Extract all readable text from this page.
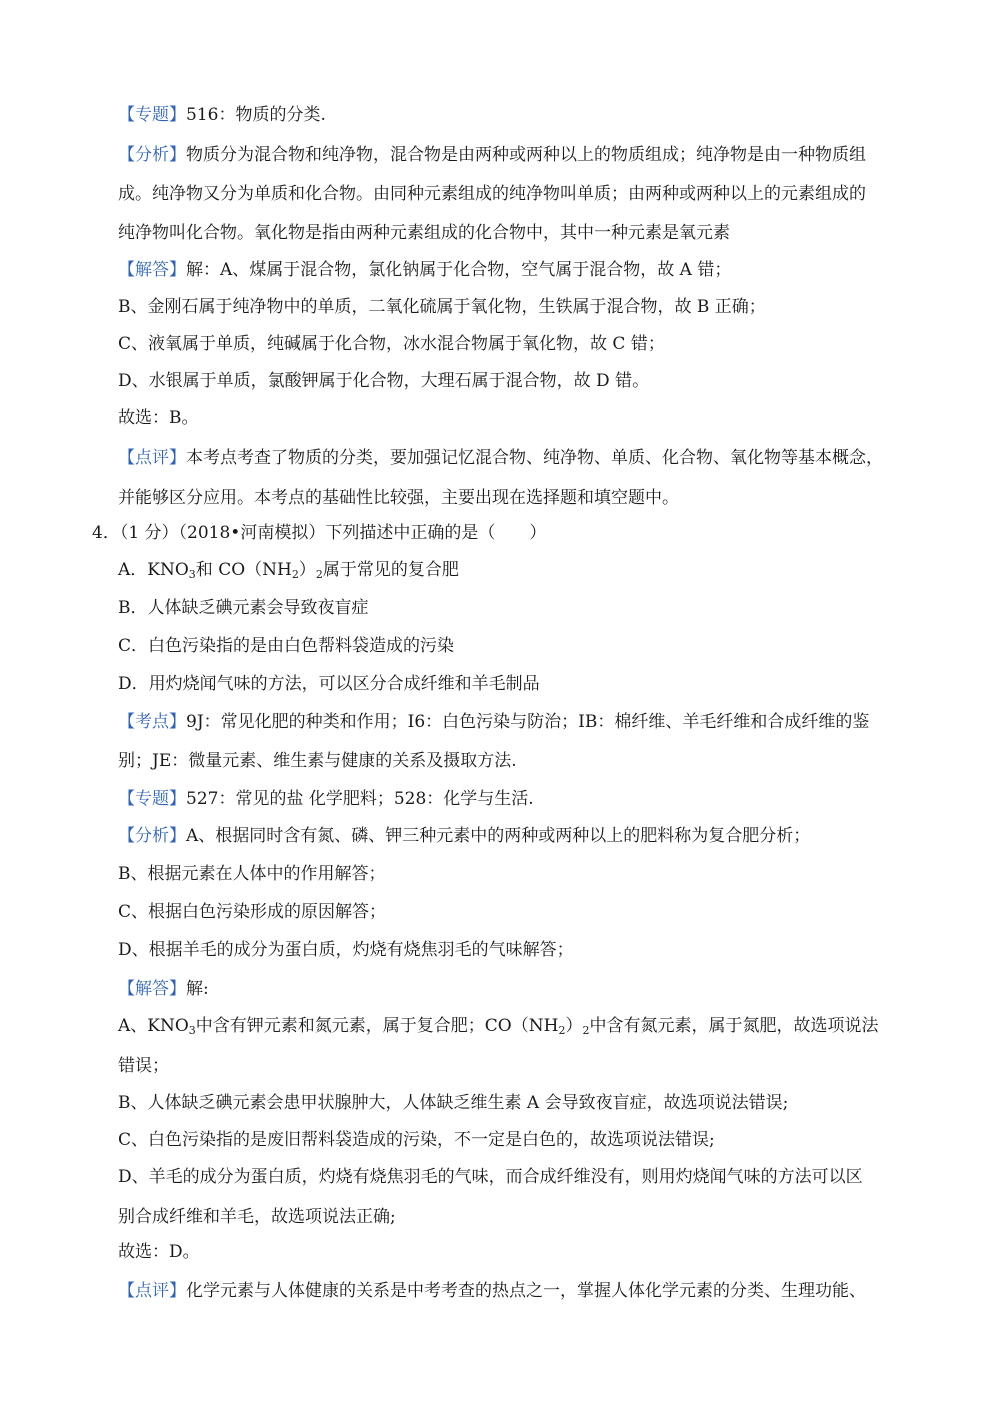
【专题】516：物质的分类.
【分析】物质分为混合物和纯净物，混合物是由两种或两种以上的物质组成；纯净物是由一种物质组
成。纯净物又分为单质和化合物。由同种元素组成的纯净物叫单质；由两种或两种以上的元素组成的
纯净物叫化合物。氧化物是指由两种元素组成的化合物中，其中一种元素是氧元素
【解答】解：A、煤属于混合物，氯化钠属于化合物，空气属于混合物，故 A 错；
B、金刚石属于纯净物中的单质，二氧化硫属于氧化物，生铁属于混合物，故 B 正确；
C、液氧属于单质，纯碱属于化合物，冰水混合物属于氧化物，故 C 错；
D、水银属于单质，氯酸钾属于化合物，大理石属于混合物，故 D 错。
故选：B。
【点评】本考点考查了物质的分类，要加强记忆混合物、纯净物、单质、化合物、氧化物等基本概念，
并能够区分应用。本考点的基础性比较强，主要出现在选择题和填空题中。
4．（1 分）（2018•河南模拟）下列描述中正确的是（　　）
A．$KNO_3$和 $CO(NH_2)_2$属于常见的复合肥
B．人体缺乏碘元素会导致夜盲症
C．白色污染指的是由白色帮料袋造成的污染
D．用灼烧闻气味的方法，可以区分合成纤维和羊毛制品
【考点】9J：常见化肥的种类和作用；I6：白色污染与防治；IB：棉纤维、羊毛纤维和合成纤维的鉴
别；JE：微量元素、维生素与健康的关系及摄取方法.
【专题】527：常见的盐 化学肥料；528：化学与生活.
【分析】A、根据同时含有氮、磷、钾三种元素中的两种或两种以上的肥料称为复合肥分析；
B、根据元素在人体中的作用解答；
C、根据白色污染形成的原因解答；
D、根据羊毛的成分为蛋白质，灼烧有烧焦羽毛的气味解答；
【解答】解:
A、$KNO_3$中含有钾元素和氮元素，属于复合肥；$CO(NH_2)_2$中含有氮元素，属于氮肥，故选项说法
错误；
B、人体缺乏碘元素会患甲状腺肿大，人体缺乏维生素 A 会导致夜盲症，故选项说法错误;
C、白色污染指的是废旧帮料袋造成的污染，不一定是白色的，故选项说法错误;
D、羊毛的成分为蛋白质，灼烧有烧焦羽毛的气味，而合成纤维没有，则用灼烧闻气味的方法可以区
别合成纤维和羊毛，故选项说法正确;
故选：D。
【点评】化学元素与人体健康的关系是中考考查的热点之一，掌握人体化学元素的分类、生理功能、
